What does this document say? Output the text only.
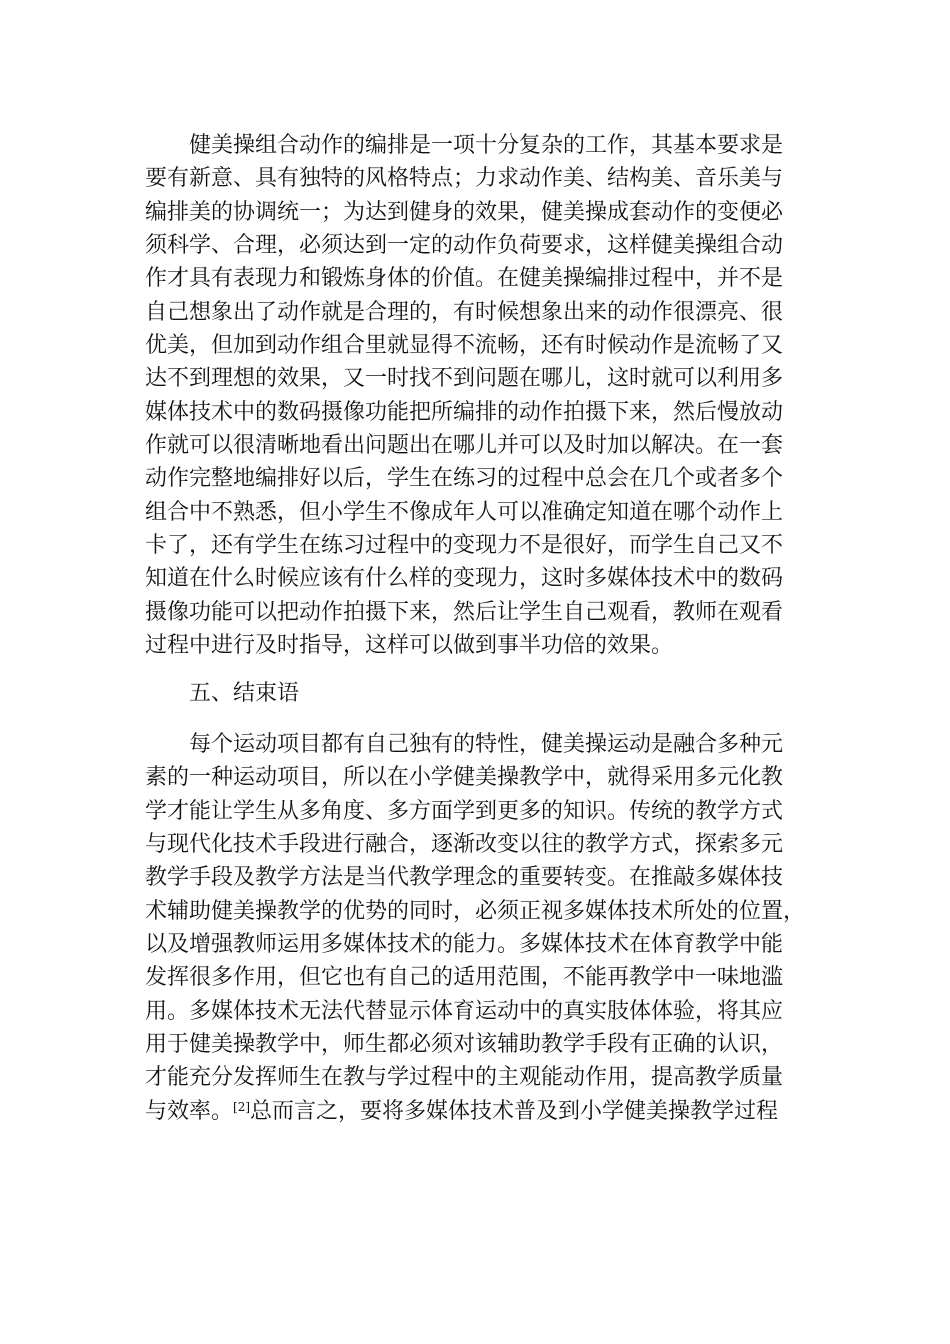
　　健美操组合动作的编排是一项十分复杂的工作，其基本要求是
要有新意、具有独特的风格特点；力求动作美、结构美、音乐美与
编排美的协调统一；为达到健身的效果，健美操成套动作的变便必
须科学、合理，必须达到一定的动作负荷要求，这样健美操组合动
作才具有表现力和锻炼身体的价值。在健美操编排过程中，并不是
自己想象出了动作就是合理的，有时候想象出来的动作很漂亮、很
优美，但加到动作组合里就显得不流畅，还有时候动作是流畅了又
达不到理想的效果，又一时找不到问题在哪儿，这时就可以利用多
媒体技术中的数码摄像功能把所编排的动作拍摄下来，然后慢放动
作就可以很清晰地看出问题出在哪儿并可以及时加以解决。在一套
动作完整地编排好以后，学生在练习的过程中总会在几个或者多个
组合中不熟悉，但小学生不像成年人可以准确定知道在哪个动作上
卡了，还有学生在练习过程中的变现力不是很好，而学生自己又不
知道在什么时候应该有什么样的变现力，这时多媒体技术中的数码
摄像功能可以把动作拍摄下来，然后让学生自己观看，教师在观看
过程中进行及时指导，这样可以做到事半功倍的效果。
五、结束语
　　每个运动项目都有自己独有的特性，健美操运动是融合多种元
素的一种运动项目，所以在小学健美操教学中，就得采用多元化教
学才能让学生从多角度、多方面学到更多的知识。传统的教学方式
与现代化技术手段进行融合，逐渐改变以往的教学方式，探索多元
教学手段及教学方法是当代教学理念的重要转变。在推敲多媒体技
术辅助健美操教学的优势的同时，必须正视多媒体技术所处的位置，
以及增强教师运用多媒体技术的能力。多媒体技术在体育教学中能
发挥很多作用，但它也有自己的适用范围，不能再教学中一味地滥
用。多媒体技术无法代替显示体育运动中的真实肢体体验，将其应
用于健美操教学中，师生都必须对该辅助教学手段有正确的认识，
才能充分发挥师生在教与学过程中的主观能动作用，提高教学质量
与效率。[2]总而言之，要将多媒体技术普及到小学健美操教学过程
